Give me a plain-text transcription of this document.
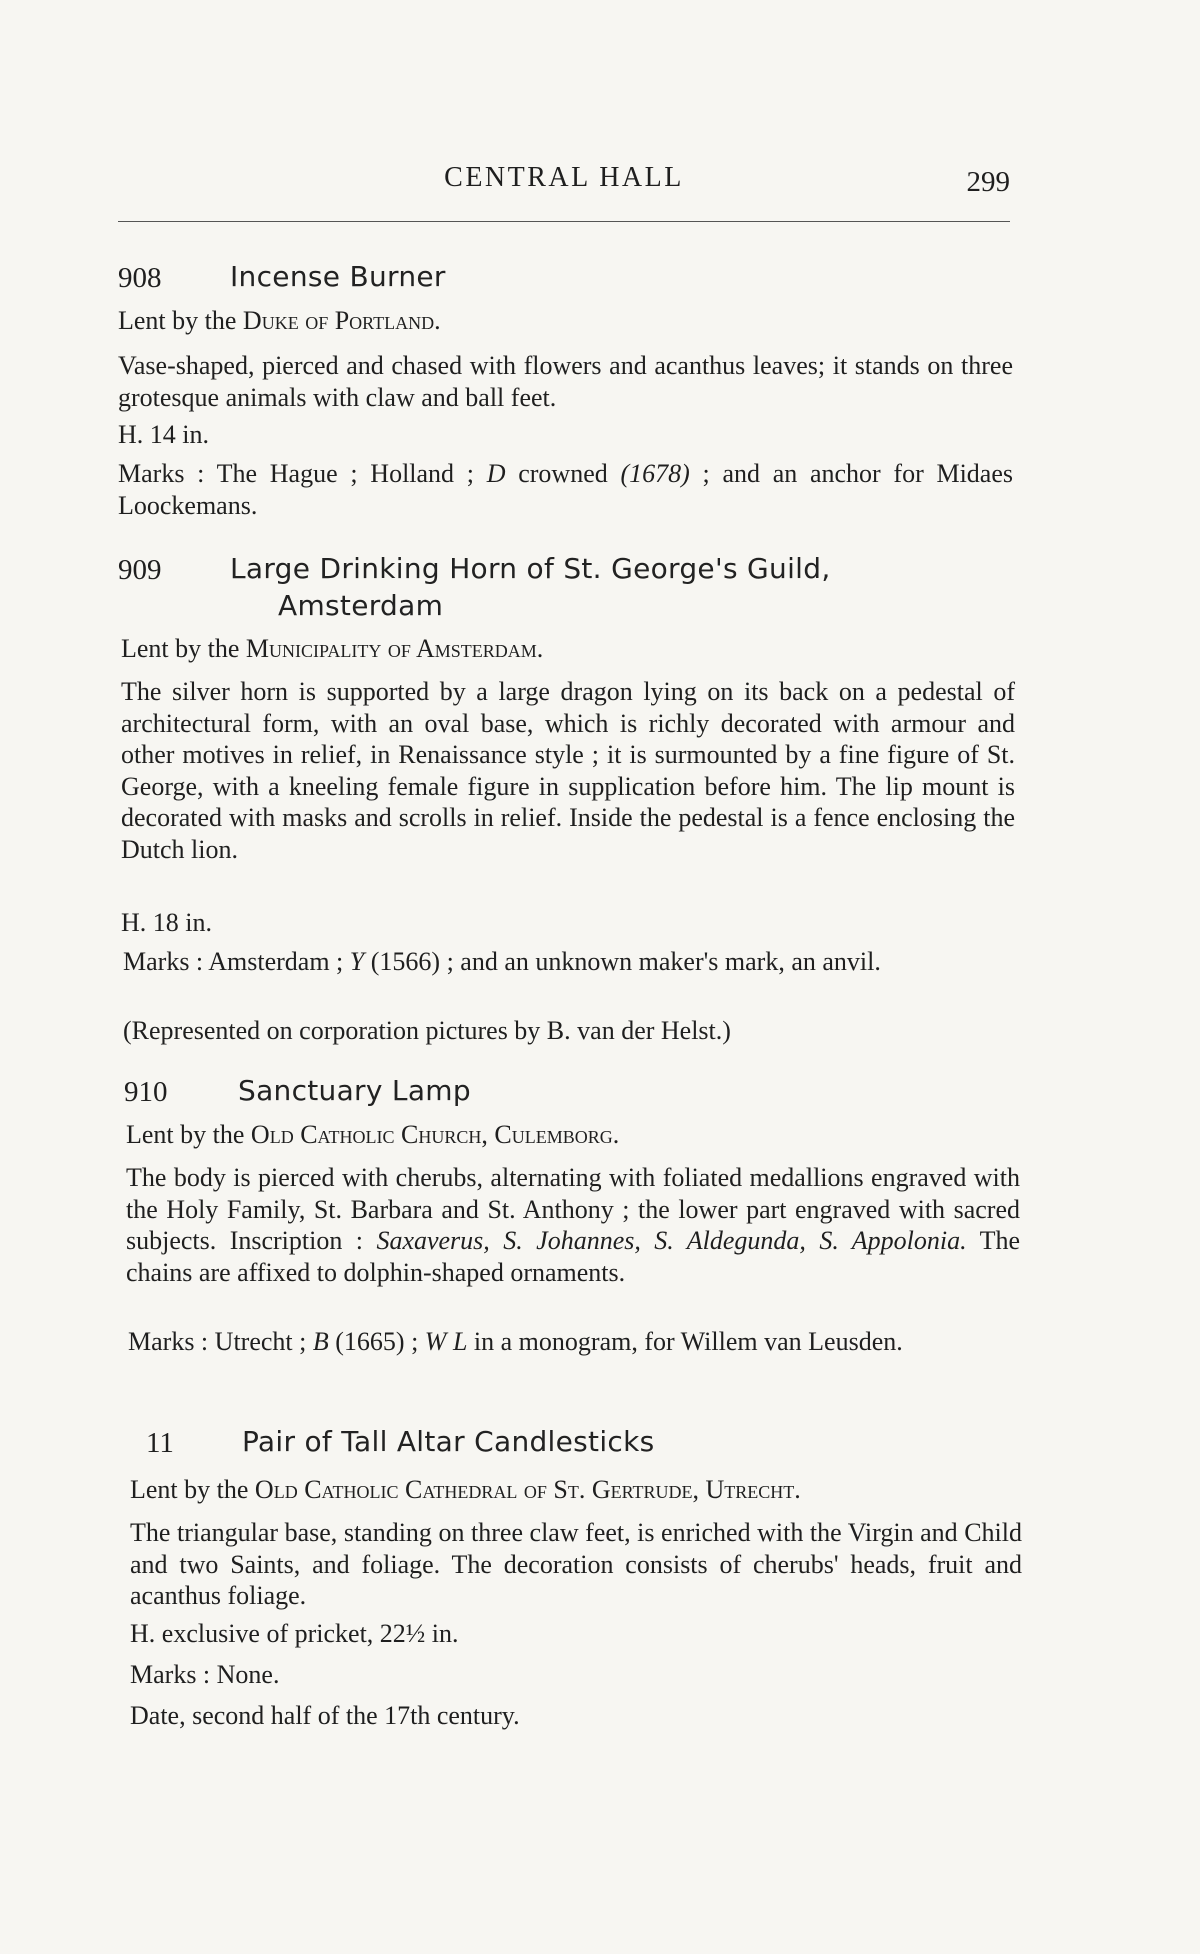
CENTRAL HALL	299
908 Incense Burner
Lent by the Duke of Portland.
Vase-shaped, pierced and chased with flowers and acanthus leaves; it stands on three grotesque animals with claw and ball feet.
H. 14 in.
Marks : The Hague ; Holland ; D crowned (1678) ; and an anchor for Midaes Loockemans.
909 Large Drinking Horn of St. George's Guild,
Amsterdam
Lent by the Municipality of Amsterdam.
The silver horn is supported by a large dragon lying on its back on a pedestal of architectural form, with an oval base, which is richly decorated with armour and other motives in relief, in Renaissance style ; it is surmounted by a fine figure of St. George, with a kneeling female figure in supplication before him. The lip mount is decorated with masks and scrolls in relief. Inside the pedestal is a fence enclosing the Dutch lion.
H. 18 in.
Marks : Amsterdam ; Y (1566) ; and an unknown maker's mark, an anvil.
(Represented on corporation pictures by B. van der Helst.)
910	Sanctuary Lamp
Lent by the Old Catholic Church, Culemborg.
The body is pierced with cherubs, alternating with foliated medallions engraved with the Holy Family, St. Barbara and St. Anthony ; the lower part engraved with sacred subjects. Inscription : Saxaverus, S. Johannes, S. Aldegunda, S. Appolonia. The chains are affixed to dolphin-shaped ornaments.
Marks : Utrecht ; B (1665) ; W L in a monogram, for Willem van Leusden.
11 Pair of Tall Altar Candlesticks
Lent by the Old Catholic Cathedral of St. Gertrude, Utrecht.
The triangular base, standing on three claw feet, is enriched with the Virgin and Child and two Saints, and foliage. The decoration consists of cherubs' heads, fruit and acanthus foliage.
H. exclusive of pricket, 22½ in.
Marks : None.
Date, second half of the 17th century.
